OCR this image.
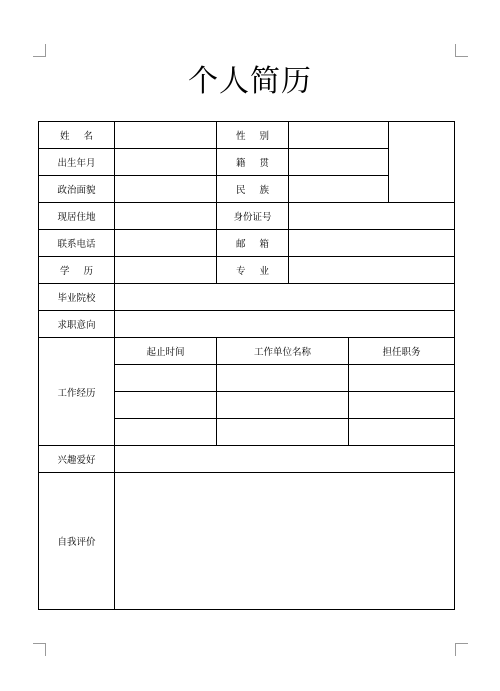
个人简历
姓名		性别			
出生年月		籍贯			
政治面貌		民族			
现居住地		身份证号			
联系电话		邮箱			
学历		专业			
毕业院校					
求职意向					
工作经历	起止时间	工作单位名称		担任职务	

兴趣爱好					
自我评价					
